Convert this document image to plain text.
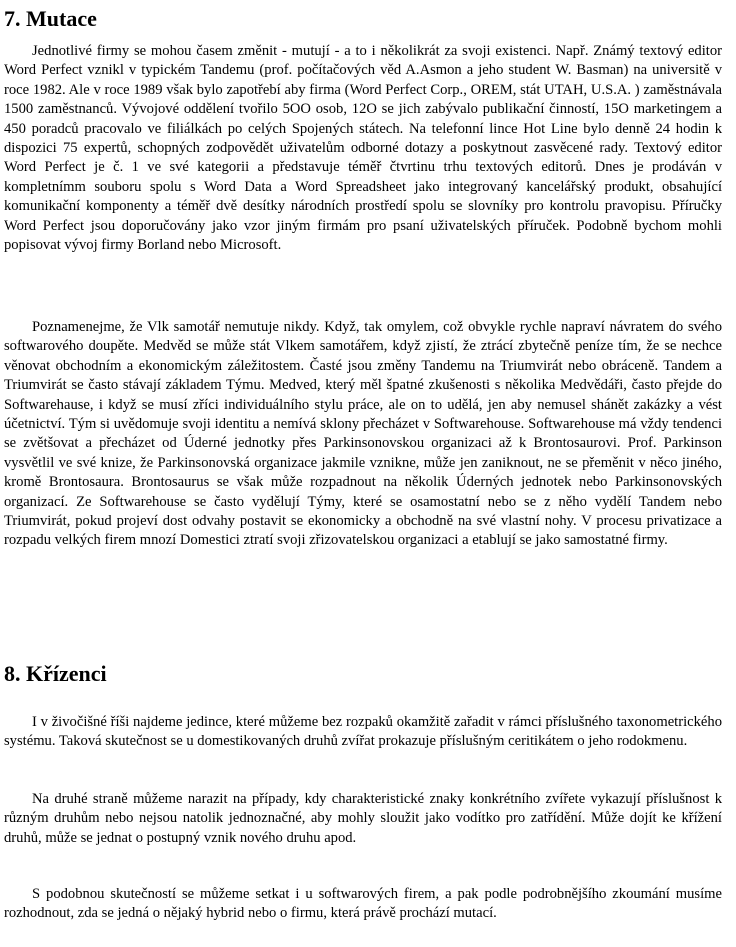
7. Mutace

Jednotlivé firmy se mohou časem změnit - mutují - a to i několikrát za svoji existenci. Např. Známý textový editor Word Perfect vznikl v typickém Tandemu (prof. počítačových věd A.Asmon a jeho student W. Basman) na universitě v roce 1982. Ale v roce 1989 však bylo zapotřebí aby firma (Word Perfect Corp., OREM, stát UTAH, U.S.A. ) zaměstnávala 1500 zaměstnanců. Vývojové oddělení tvořilo 5OO osob, 12O se jich zabývalo publikační činností, 15O marketingem a 450 poradců pracovalo ve filiálkách po celých Spojených státech. Na telefonní lince Hot Line bylo denně 24 hodin k dispozici 75 expertů, schopných zodpovědět uživatelům odborné dotazy a poskytnout zasvěcené rady. Textový editor Word Perfect je č. 1 ve své kategorii a představuje téměř čtvrtinu trhu textových editorů. Dnes je prodáván v kompletnímm souboru spolu s Word Data a Word Spreadsheet jako integrovaný kancelářský produkt, obsahující komunikační komponenty a téměř dvě desítky národních prostředí spolu se slovníky pro kontrolu pravopisu. Příručky Word Perfect jsou doporučovány jako vzor jiným firmám pro psaní uživatelských příruček. Podobně bychom mohli popisovat vývoj firmy Borland nebo Microsoft.

Poznamenejme, že Vlk samotář nemutuje nikdy. Když, tak omylem, což obvykle rychle napraví návratem do svého softwarového doupěte. Medvěd se může stát Vlkem samotářem, když zjistí, že ztrácí zbytečně peníze tím, že se nechce věnovat obchodním a ekonomickým záležitostem. Časté jsou změny Tandemu na Triumvirát nebo obráceně. Tandem a Triumvirát se často stávají základem Týmu. Medved, který měl špatné zkušenosti s několika Medvědáři, často přejde do Softwarehause, i když se musí zříci individuálního stylu práce, ale on to udělá, jen aby nemusel shánět zakázky a vést účetnictví. Tým si uvědomuje svoji identitu a nemívá sklony přecházet v Softwarehouse. Softwarehouse má vždy tendenci se zvětšovat a přecházet od Úderné jednotky přes Parkinsonovskou organizaci až k Brontosaurovi. Prof. Parkinson vysvětlil ve své knize, že Parkinsonovská organizace jakmile vznikne, může jen zaniknout, ne se přeměnit v něco jiného, kromě Brontosaura. Brontosaurus se však může rozpadnout na několik Úderných jednotek nebo Parkinsonovských organizací. Ze Softwarehouse se často vydělují Týmy, které se osamostatní nebo se z něho vydělí Tandem nebo Triumvirát, pokud projeví dost odvahy postavit se ekonomicky a obchodně na své vlastní nohy. V procesu privatizace a rozpadu velkých firem mnozí Domestici ztratí svoji zřizovatelskou organizaci a etablují se jako samostatné firmy.

8. Křízenci

I v živočišné říši najdeme jedince, které můžeme bez rozpaků okamžitě zařadit v rámci příslušného taxonometrického systému. Taková skutečnost se u domestikovaných druhů zvířat prokazuje příslušným ceritikátem o jeho rodokmenu.

Na druhé straně můžeme narazit na případy, kdy charakteristické znaky konkrétního zvířete vykazují příslušnost k různým druhům nebo nejsou natolik jednoznačné, aby mohly sloužit jako vodítko pro zatřídění. Může dojít ke křížení druhů, může se jednat o postupný vznik nového druhu apod.

S podobnou skutečností se můžeme setkat i u softwarových firem, a pak podle podrobnějšího zkoumání musíme rozhodnout, zda se jedná o nějaký hybrid nebo o firmu, která právě prochází mutací.
